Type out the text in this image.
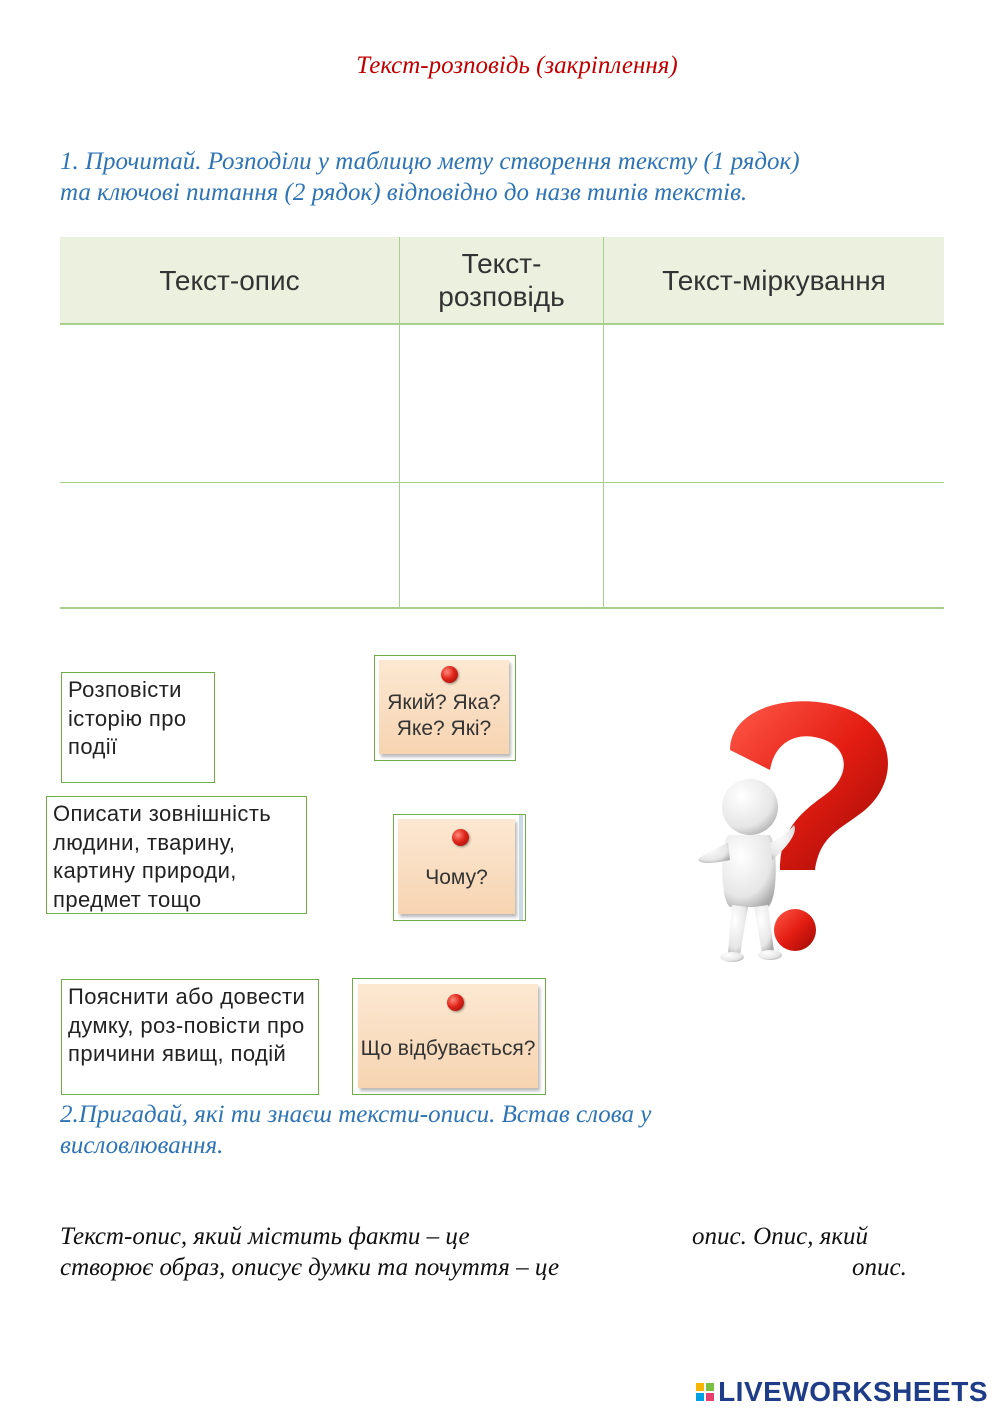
Текст-розповідь (закріплення)
1. Прочитай. Розподіли у таблицю мету створення тексту (1 рядок)
та ключові питання (2 рядок) відповідно до назв типів текстів.
Текст-опис
Текст-
розповідь
Текст-міркування
Розповісти історію про події
Описати зовнішність людини, тварину, картину природи, предмет тощо
Пояснити або довести думку, роз-повісти про причини явищ, подій
Який? Яка? Яке? Які?
Чому?
Що відбувається?
2.Пригадай, які ти знаєш тексти-описи. Встав слова у
висловлювання.
Текст-опис, який містить факти – це	опис. Опис, який
створює образ, описує думки та почуття – це	опис.
LIVEWORKSHEETS
